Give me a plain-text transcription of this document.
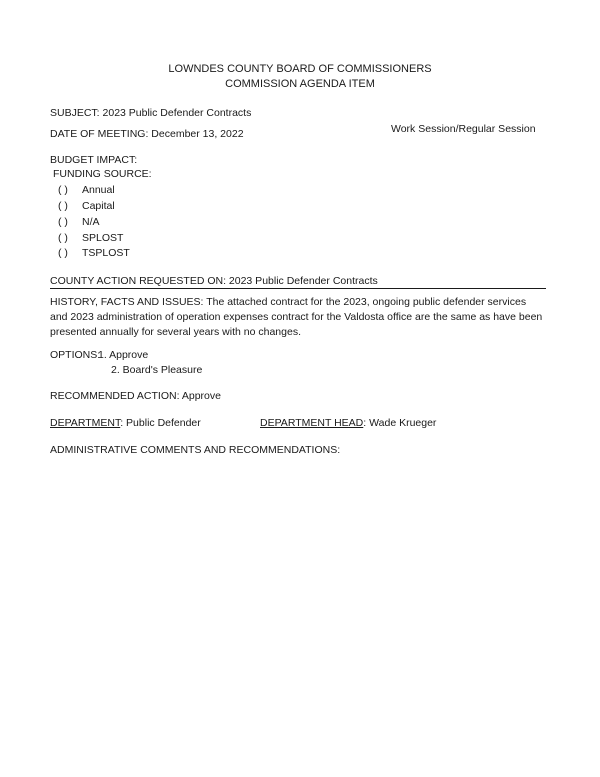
LOWNDES COUNTY BOARD OF COMMISSIONERS
COMMISSION AGENDA ITEM
SUBJECT: 2023 Public Defender Contracts
DATE OF MEETING: December 13, 2022	Work Session/Regular Session
BUDGET IMPACT:
FUNDING SOURCE:
( ) Annual
( ) Capital
( ) N/A
( ) SPLOST
( ) TSPLOST
COUNTY ACTION REQUESTED ON: 2023 Public Defender Contracts
HISTORY, FACTS AND ISSUES: The attached contract for the 2023, ongoing public defender services and 2023 administration of operation expenses contract for the Valdosta office are the same as have been presented annually for several years with no changes.
OPTIONS:
1. Approve
2. Board's Pleasure
RECOMMENDED ACTION: Approve
DEPARTMENT: Public Defender	DEPARTMENT HEAD: Wade Krueger
ADMINISTRATIVE COMMENTS AND RECOMMENDATIONS:
